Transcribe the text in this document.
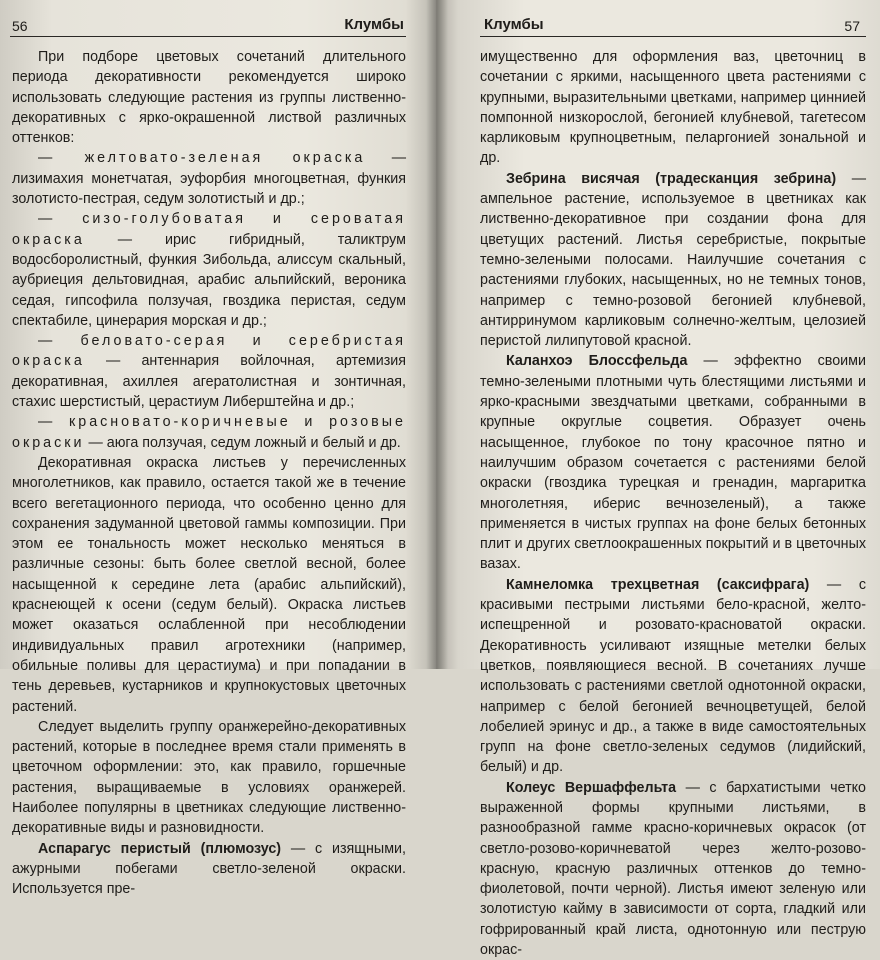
56	Клумбы

При подборе цветовых сочетаний длительного периода декоративности рекомендуется широко использовать следующие растения из группы лиственно-декоративных с ярко-окрашенной листвой различных оттенков:

— желтовато-зеленая окраска — лизимахия монетчатая, эуфорбия многоцветная, функия золотисто-пестрая, седум золотистый и др.;

— сизо-голубоватая и сероватая окраска — ирис гибридный, таликтрум водосборолистный, функия Зибольда, алиссум скальный, аубриеция дельтовидная, арабис альпийский, вероника седая, гипсофила ползучая, гвоздика перистая, седум спектабиле, цинерария морская и др.;

— беловато-серая и серебристая окраска — антеннария войлочная, артемизия декоративная, ахиллея агератолистная и зонтичная, стахис шерстистый, церастиум Либерштейна и др.;

— красновато-коричневые и розовые окраски — аюга ползучая, седум ложный и белый и др.

Декоративная окраска листьев у перечисленных многолетников, как правило, остается такой же в течение всего вегетационного периода, что особенно ценно для сохранения задуманной цветовой гаммы композиции. При этом ее тональность может несколько меняться в различные сезоны: быть более светлой весной, более насыщенной к середине лета (арабис альпийский), краснеющей к осени (седум белый). Окраска листьев может оказаться ослабленной при несоблюдении индивидуальных правил агротехники (например, обильные поливы для церастиума) и при попадании в тень деревьев, кустарников и крупнокустовых цветочных растений.

Следует выделить группу оранжерейно-декоративных растений, которые в последнее время стали применять в цветочном оформлении: это, как правило, горшечные растения, выращиваемые в условиях оранжерей. Наиболее популярны в цветниках следующие лиственно-декоративные виды и разновидности.

Аспарагус перистый (плюмозус) — с изящными, ажурными побегами светло-зеленой окраски. Используется пре-

Клумбы	57

имущественно для оформления ваз, цветочниц в сочетании с яркими, насыщенного цвета растениями с крупными, выразительными цветками, например циннией помпонной низкорослой, бегонией клубневой, тагетесом карликовым крупноцветным, пеларгонией зональной и др.

Зебрина висячая (традесканция зебрина) — ампельное растение, используемое в цветниках как лиственно-декоративное при создании фона для цветущих растений. Листья серебристые, покрытые темно-зелеными полосами. Наилучшие сочетания с растениями глубоких, насыщенных, но не темных тонов, например с темно-розовой бегонией клубневой, антирринумом карликовым солнечно-желтым, целозией перистой лилипутовой красной.

Каланхоэ Блоссфельда — эффектно своими темно-зелеными плотными чуть блестящими листьями и ярко-красными звездчатыми цветками, собранными в крупные округлые соцветия. Образует очень насыщенное, глубокое по тону красочное пятно и наилучшим образом сочетается с растениями белой окраски (гвоздика турецкая и гренадин, маргаритка многолетняя, иберис вечнозеленый), а также применяется в чистых группах на фоне белых бетонных плит и других светлоокрашенных покрытий и в цветочных вазах.

Камнеломка трехцветная (саксифрага) — с красивыми пестрыми листьями бело-красной, желто-испещренной и розовато-красноватой окраски. Декоративность усиливают изящные метелки белых цветков, появляющиеся весной. В сочетаниях лучше использовать с растениями светлой однотонной окраски, например с белой бегонией вечноцветущей, белой лобелией эринус и др., а также в виде самостоятельных групп на фоне светло-зеленых седумов (лидийский, белый) и др.

Колеус Вершаффельта — с бархатистыми четко выраженной формы крупными листьями, в разнообразной гамме красно-коричневых окрасок (от светло-розово-коричневатой через желто-розово-красную, красную различных оттенков до темно-фиолетовой, почти черной). Листья имеют зеленую или золотистую кайму в зависимости от сорта, гладкий или гофрированный край листа, однотонную или пеструю окрас-
